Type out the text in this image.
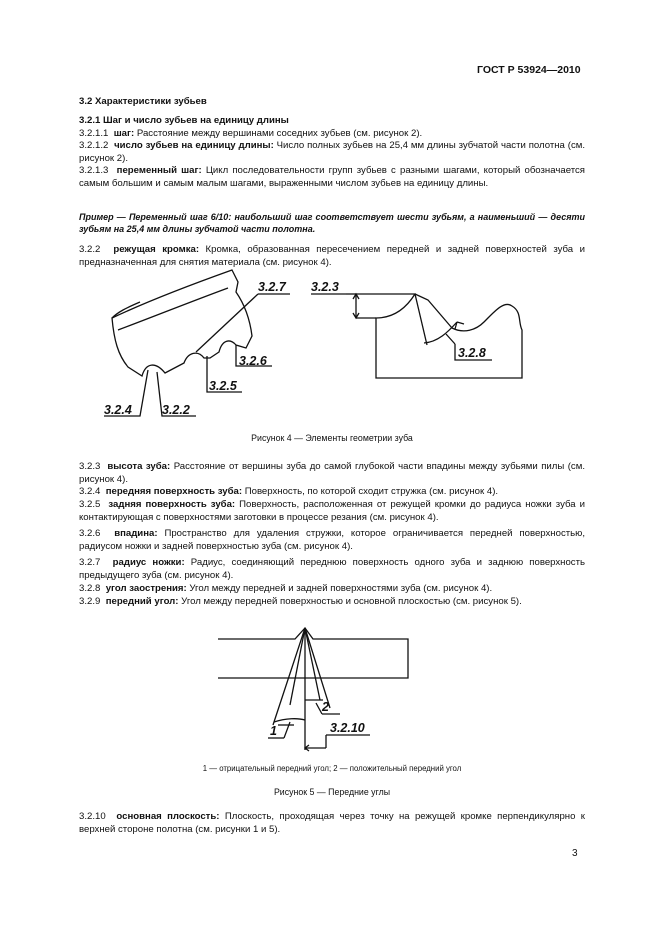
ГОСТ Р 53924—2010
3.2 Характеристики зубьев
3.2.1 Шаг и число зубьев на единицу длины
3.2.1.1 шаг: Расстояние между вершинами соседних зубьев (см. рисунок 2).
3.2.1.2 число зубьев на единицу длины: Число полных зубьев на 25,4 мм длины зубчатой части полотна (см. рисунок 2).
3.2.1.3 переменный шаг: Цикл последовательности групп зубьев с разными шагами, который обозначается самым большим и самым малым шагами, выраженными числом зубьев на единицу длины.
Пример — Переменный шаг 6/10: наибольший шаг соответствует шести зубьям, а наименьший — десяти зубьям на 25,4 мм длины зубчатой части полотна.
3.2.2 режущая кромка: Кромка, образованная пересечением передней и задней поверхностей зуба и предназначенная для снятия материала (см. рисунок 4).
3.2.7
3.2.6
3.2.5
3.2.4 3.2.2
3.2.3
3.2.8
Рисунок 4 — Элементы геометрии зуба
3.2.3 высота зуба: Расстояние от вершины зуба до самой глубокой части впадины между зубьями пилы (см. рисунок 4).
3.2.4 передняя поверхность зуба: Поверхность, по которой сходит стружка (см. рисунок 4).
3.2.5 задняя поверхность зуба: Поверхность, расположенная от режущей кромки до радиуса ножки зуба и контактирующая с поверхностями заготовки в процессе резания (см. рисунок 4).
3.2.6 впадина: Пространство для удаления стружки, которое ограничивается передней поверхностью, радиусом ножки и задней поверхностью зуба (см. рисунок 4).
3.2.7 радиус ножки: Радиус, соединяющий переднюю поверхность одного зуба и заднюю поверхность предыдущего зуба (см. рисунок 4).
3.2.8 угол заострения: Угол между передней и задней поверхностями зуба (см. рисунок 4).
3.2.9 передний угол: Угол между передней поверхностью и основной плоскостью (см. рисунок 5).
1
2
3.2.10
1 — отрицательный передний угол; 2 — положительный передний угол
Рисунок 5 — Передние углы
3.2.10 основная плоскость: Плоскость, проходящая через точку на режущей кромке перпендикулярно к верхней стороне полотна (см. рисунки 1 и 5).
3
